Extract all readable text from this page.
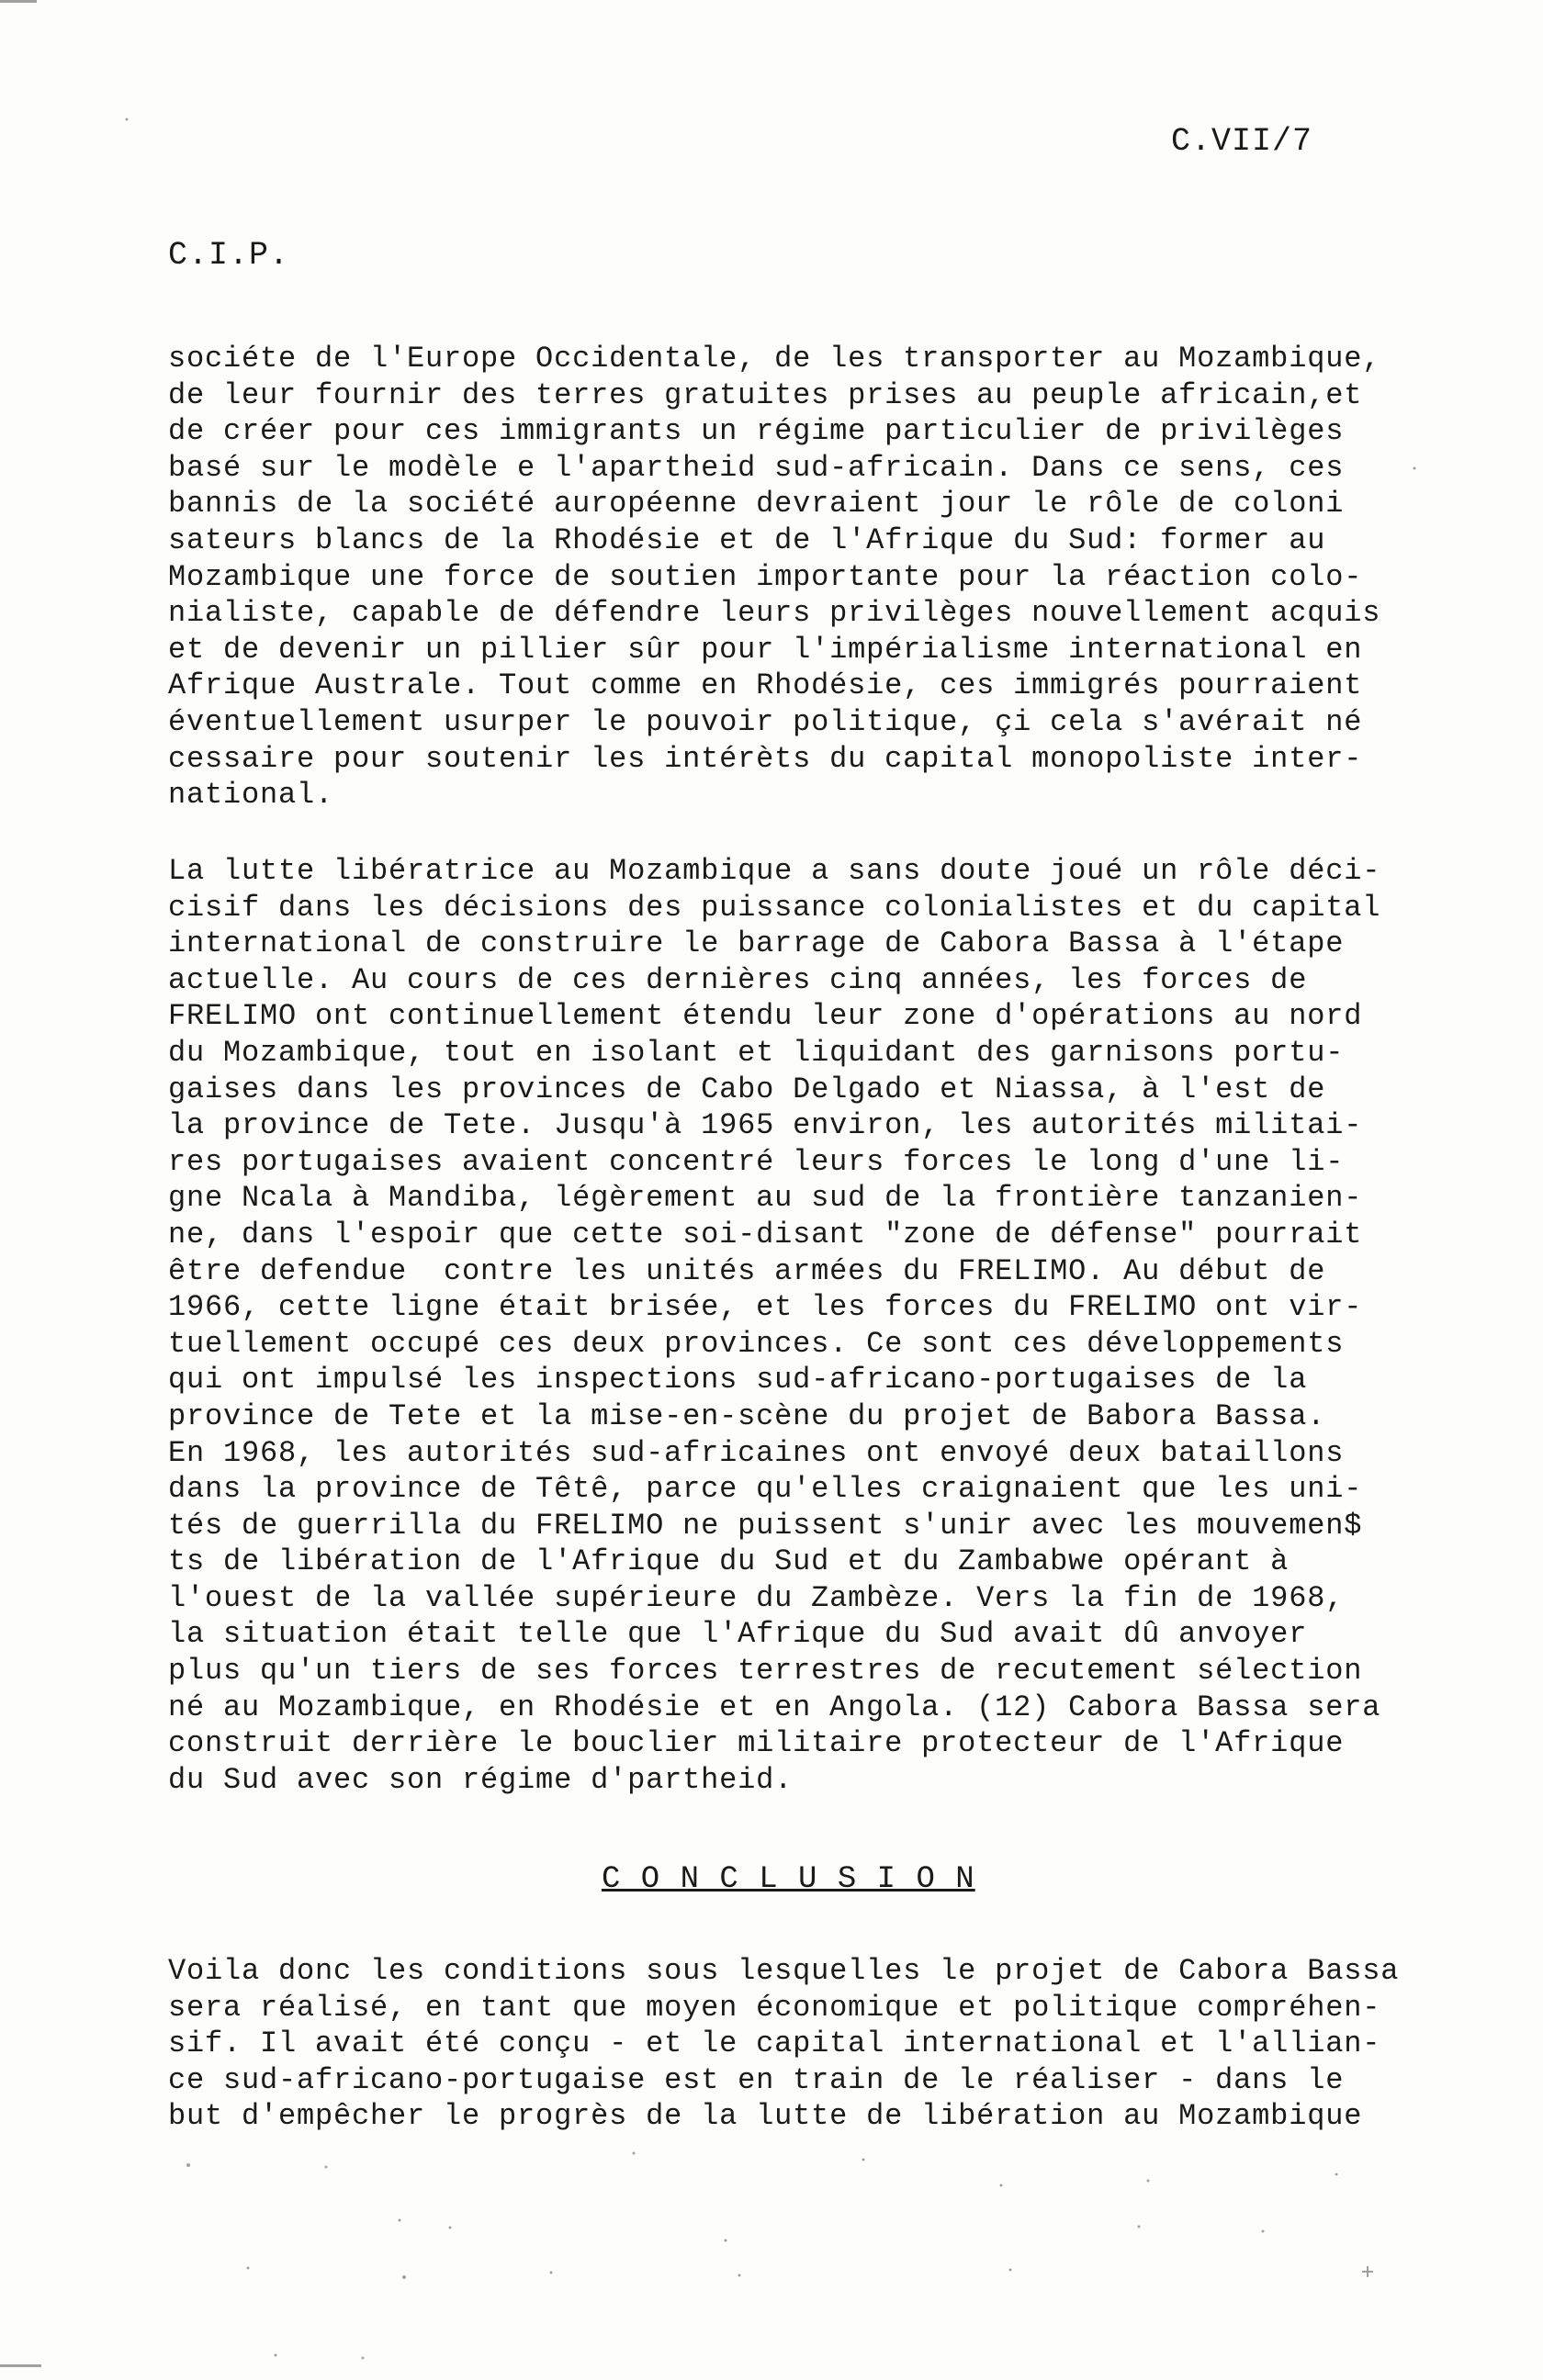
C.VII/7
C.I.P.
sociéte de l'Europe Occidentale, de les transporter au Mozambique,
de leur fournir des terres gratuites prises au peuple africain,et
de créer pour ces immigrants un régime particulier de privilèges
basé sur le modèle e l'apartheid sud-africain. Dans ce sens, ces
bannis de la société auropéenne devraient jour le rôle de coloni
sateurs blancs de la Rhodésie et de l'Afrique du Sud: former au
Mozambique une force de soutien importante pour la réaction colo-
nialiste, capable de défendre leurs privilèges nouvellement acquis
et de devenir un pillier sûr pour l'impérialisme international en
Afrique Australe. Tout comme en Rhodésie, ces immigrés pourraient
éventuellement usurper le pouvoir politique, çi cela s'avérait né
cessaire pour soutenir les intérèts du capital monopoliste inter-
national.
La lutte libératrice au Mozambique a sans doute joué un rôle déci-
cisif dans les décisions des puissance colonialistes et du capital
international de construire le barrage de Cabora Bassa à l'étape
actuelle. Au cours de ces dernières cinq années, les forces de
FRELIMO ont continuellement étendu leur zone d'opérations au nord
du Mozambique, tout en isolant et liquidant des garnisons portu-
gaises dans les provinces de Cabo Delgado et Niassa, à l'est de
la province de Tete. Jusqu'à 1965 environ, les autorités militai-
res portugaises avaient concentré leurs forces le long d'une li-
gne Ncala à Mandiba, légèrement au sud de la frontière tanzanien-
ne, dans l'espoir que cette soi-disant "zone de défense" pourrait
être defendue  contre les unités armées du FRELIMO. Au début de
1966, cette ligne était brisée, et les forces du FRELIMO ont vir-
tuellement occupé ces deux provinces. Ce sont ces développements
qui ont impulsé les inspections sud-africano-portugaises de la
province de Tete et la mise-en-scène du projet de Babora Bassa.
En 1968, les autorités sud-africaines ont envoyé deux bataillons
dans la province de Têtê, parce qu'elles craignaient que les uni-
tés de guerrilla du FRELIMO ne puissent s'unir avec les mouvemen$
ts de libération de l'Afrique du Sud et du Zambabwe opérant à
l'ouest de la vallée supérieure du Zambèze. Vers la fin de 1968,
la situation était telle que l'Afrique du Sud avait dû anvoyer
plus qu'un tiers de ses forces terrestres de recutement sélection
né au Mozambique, en Rhodésie et en Angola. (12) Cabora Bassa sera
construit derrière le bouclier militaire protecteur de l'Afrique
du Sud avec son régime d'partheid.
C O N C L U S I O N
Voila donc les conditions sous lesquelles le projet de Cabora Bassa
sera réalisé, en tant que moyen économique et politique compréhen-
sif. Il avait été conçu - et le capital international et l'allian-
ce sud-africano-portugaise est en train de le réaliser - dans le
but d'empêcher le progrès de la lutte de libération au Mozambique
